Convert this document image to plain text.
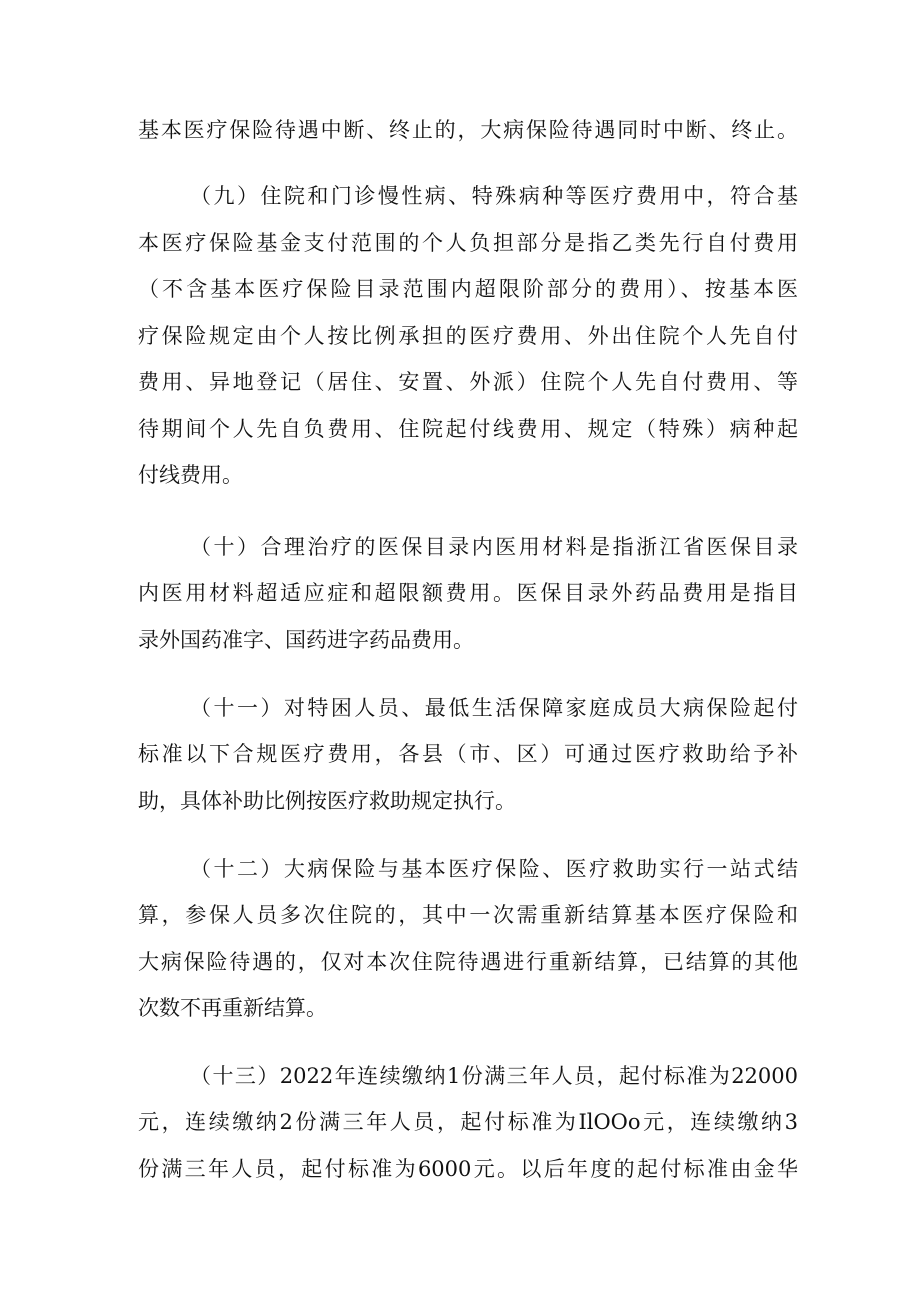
基本医疗保险待遇中断、终止的，大病保险待遇同时中断、终止。
（九）住院和门诊慢性病、特殊病种等医疗费用中，符合基
本医疗保险基金支付范围的个人负担部分是指乙类先行自付费用
（不含基本医疗保险目录范围内超限阶部分的费用）、按基本医
疗保险规定由个人按比例承担的医疗费用、外出住院个人先自付
费用、异地登记（居住、安置、外派）住院个人先自付费用、等
待期间个人先自负费用、住院起付线费用、规定（特殊）病种起
付线费用。
（十）合理治疗的医保目录内医用材料是指浙江省医保目录
内医用材料超适应症和超限额费用。医保目录外药品费用是指目
录外国药准字、国药进字药品费用。
（十一）对特困人员、最低生活保障家庭成员大病保险起付
标准以下合规医疗费用，各县（市、区）可通过医疗救助给予补
助，具体补助比例按医疗救助规定执行。
（十二）大病保险与基本医疗保险、医疗救助实行一站式结
算，参保人员多次住院的，其中一次需重新结算基本医疗保险和
大病保险待遇的，仅对本次住院待遇进行重新结算，已结算的其他
次数不再重新结算。
（十三）2022年连续缴纳1份满三年人员，起付标准为22000
元，连续缴纳2份满三年人员，起付标准为IlOOo元，连续缴纳3
份满三年人员，起付标准为6000元。以后年度的起付标准由金华
